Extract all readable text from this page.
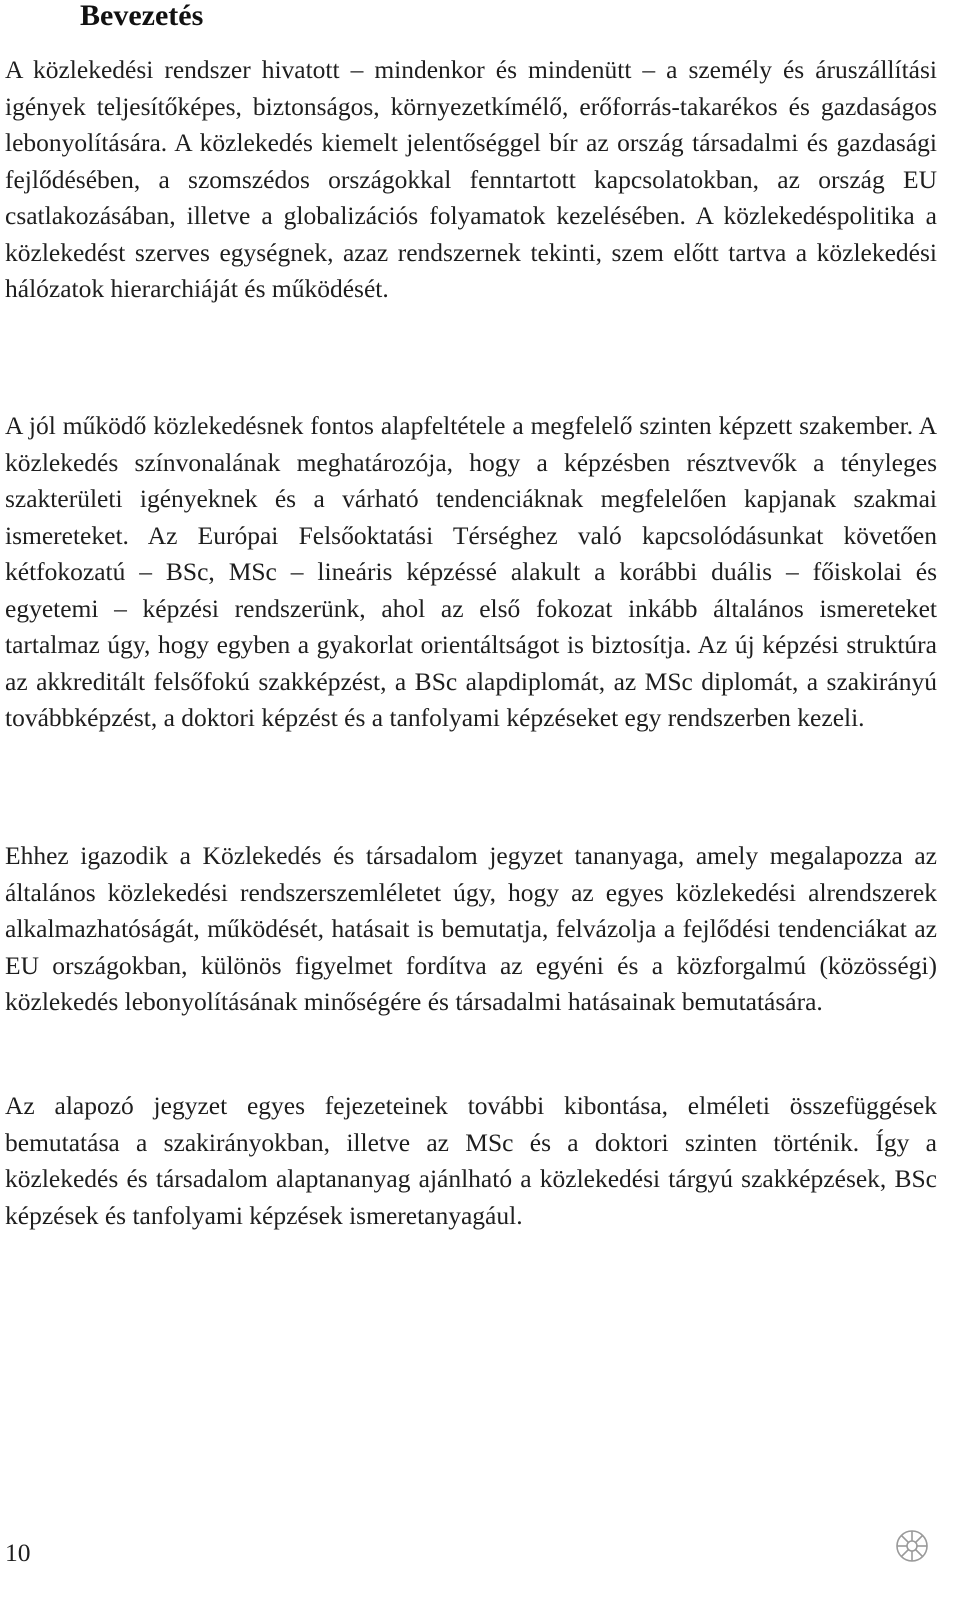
Bevezetés

A közlekedési rendszer hivatott – mindenkor és mindenütt – a személy és áruszállítási igények teljesítőképes, biztonságos, környezetkímélő, erőforrás-takarékos és gazdaságos lebonyolítására. A közlekedés kiemelt jelentőséggel bír az ország társadalmi és gazdasági fejlődésében, a szomszédos országokkal fenntartott kapcsolatokban, az ország EU csatlakozásában, illetve a globalizációs folyamatok kezelésében. A közlekedéspolitika a közlekedést szerves egységnek, azaz rendszernek tekinti, szem előtt tartva a közlekedési hálózatok hierarchiáját és működését.

A jól működő közlekedésnek fontos alapfeltétele a megfelelő szinten képzett szakember. A közlekedés színvonalának meghatározója, hogy a képzésben résztvevők a tényleges szakterületi igényeknek és a várható tendenciáknak megfelelően kapjanak szakmai ismereteket. Az Európai Felsőoktatási Térséghez való kapcsolódásunkat követően kétfokozatú – BSc, MSc – lineáris képzéssé alakult a korábbi duális – főiskolai és egyetemi – képzési rendszerünk, ahol az első fokozat inkább általános ismereteket tartalmaz úgy, hogy egyben a gyakorlat orientáltságot is biztosítja. Az új képzési struktúra az akkreditált felsőfokú szakképzést, a BSc alapdiplomát, az MSc diplomát, a szakirányú továbbképzést, a doktori képzést és a tanfolyami képzéseket egy rendszerben kezeli.

Ehhez igazodik a Közlekedés és társadalom jegyzet tananyaga, amely megalapozza az általános közlekedési rendszerszemléletet úgy, hogy az egyes közlekedési alrendszerek alkalmazhatóságát, működését, hatásait is bemutatja, felvázolja a fejlődési tendenciákat az EU országokban, különös figyelmet fordítva az egyéni és a közforgalmú (közösségi) közlekedés lebonyolításának minőségére és társadalmi hatásainak bemutatására.

Az alapozó jegyzet egyes fejezeteinek további kibontása, elméleti összefüggések bemutatása a szakirányokban, illetve az MSc és a doktori szinten történik. Így a közlekedés és társadalom alaptananyag ajánlható a közlekedési tárgyú szakképzések, BSc képzések és tanfolyami képzések ismeretanyagául.

10
